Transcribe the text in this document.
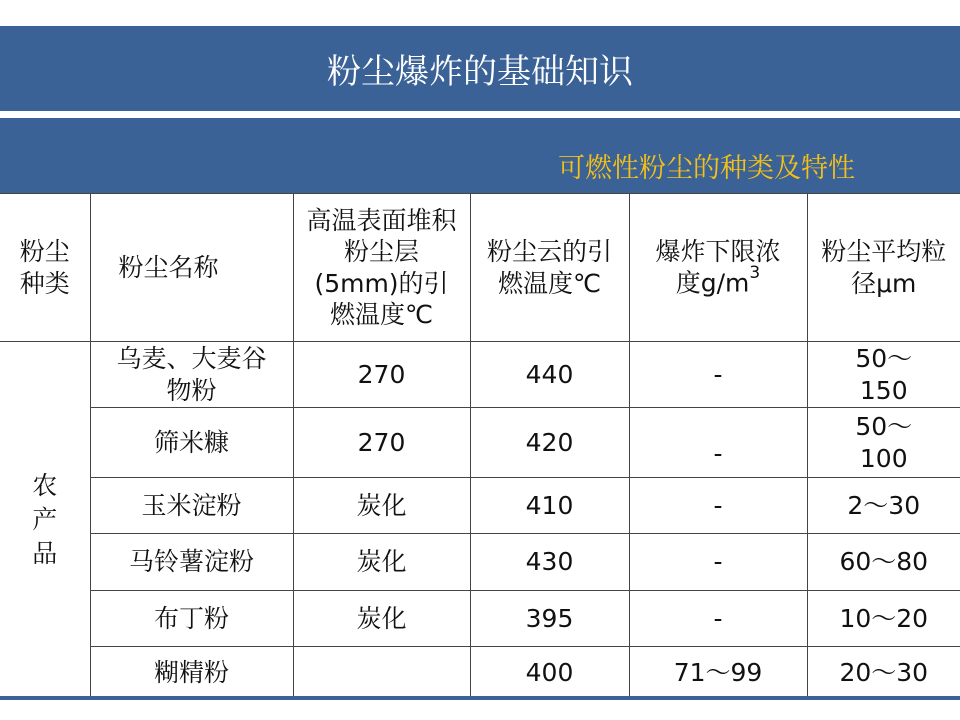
粉尘爆炸的基础知识
可燃性粉尘的种类及特性
粉尘种类	粉尘名称	高温表面堆积粉尘层(5mm)的引燃温度℃	粉尘云的引燃温度℃	爆炸下限浓度$g/m^3$	粉尘平均粒径μm
农产品	乌麦、大麦谷物粉	270	440	-	50～150
	筛米糠	270	420	-	50～100
	玉米淀粉	炭化	410	-	2～30
	马铃薯淀粉	炭化	430	-	60～80
	布丁粉	炭化	395	-	10～20
	糊精粉		400	71～99	20～30
